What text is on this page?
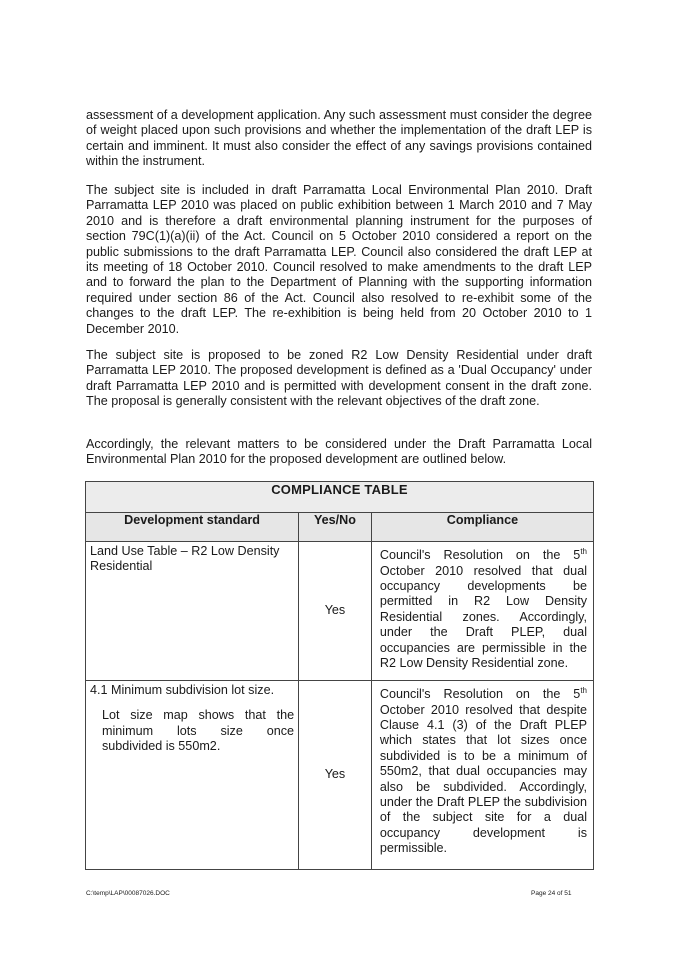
assessment of a development application. Any such assessment must consider the degree of weight placed upon such provisions and whether the implementation of the draft LEP is certain and imminent. It must also consider the effect of any savings provisions contained within the instrument.

The subject site is included in draft Parramatta Local Environmental Plan 2010. Draft Parramatta LEP 2010 was placed on public exhibition between 1 March 2010 and 7 May 2010 and is therefore a draft environmental planning instrument for the purposes of section 79C(1)(a)(ii) of the Act. Council on 5 October 2010 considered a report on the public submissions to the draft Parramatta LEP. Council also considered the draft LEP at its meeting of 18 October 2010. Council resolved to make amendments to the draft LEP and to forward the plan to the Department of Planning with the supporting information required under section 86 of the Act. Council also resolved to re-exhibit some of the changes to the draft LEP. The re-exhibition is being held from 20 October 2010 to 1 December 2010.

The subject site is proposed to be zoned R2 Low Density Residential under draft Parramatta LEP 2010. The proposed development is defined as a 'Dual Occupancy' under draft Parramatta LEP 2010 and is permitted with development consent in the draft zone. The proposal is generally consistent with the relevant objectives of the draft zone.

Accordingly, the relevant matters to be considered under the Draft Parramatta Local Environmental Plan 2010 for the proposed development are outlined below.

COMPLIANCE TABLE		
Development standard	Yes/No	Compliance
Land Use Table – R2 Low Density Residential	Yes	Council's Resolution on the 5th October 2010 resolved that dual occupancy developments be permitted in R2 Low Density Residential zones. Accordingly, under the Draft PLEP, dual occupancies are permissible in the R2 Low Density Residential zone.
4.1 Minimum subdivision lot size.
Lot size map shows that the minimum lots size once subdivided is 550m2.	Yes	Council's Resolution on the 5th October 2010 resolved that despite Clause 4.1 (3) of the Draft PLEP which states that lot sizes once subdivided is to be a minimum of 550m2, that dual occupancies may also be subdivided. Accordingly, under the Draft PLEP the subdivision of the subject site for a dual occupancy development is permissible.
C:\temp\LAP\00087026.DOC	Page 24 of 51
